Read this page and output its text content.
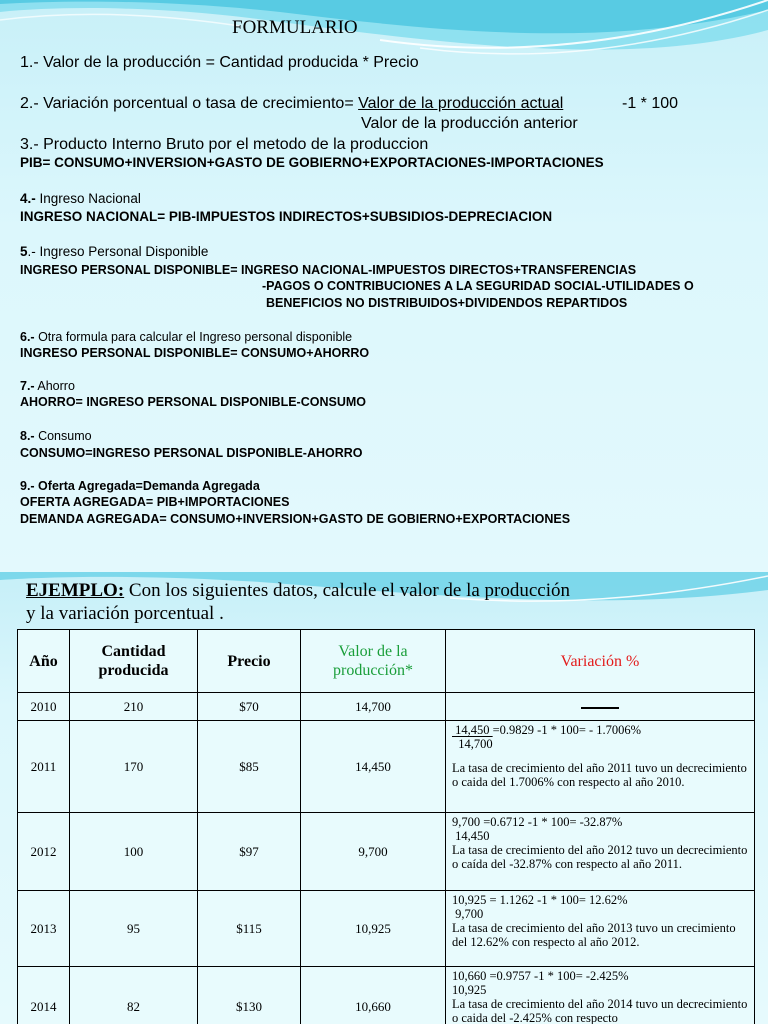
FORMULARIO
1.- Valor de la producción = Cantidad producida * Precio
2.- Variación porcentual o tasa de crecimiento= Valor de la producción actual	-1 * 100
Valor de la producción anterior
3.- Producto Interno Bruto por el metodo de la produccion
PIB= CONSUMO+INVERSION+GASTO DE GOBIERNO+EXPORTACIONES-IMPORTACIONES
4.- Ingreso Nacional
INGRESO NACIONAL= PIB-IMPUESTOS INDIRECTOS+SUBSIDIOS-DEPRECIACION
5.- Ingreso Personal Disponible
INGRESO PERSONAL DISPONIBLE= INGRESO NACIONAL-IMPUESTOS DIRECTOS+TRANSFERENCIAS
-PAGOS O CONTRIBUCIONES A LA SEGURIDAD SOCIAL-UTILIDADES O
BENEFICIOS NO DISTRIBUIDOS+DIVIDENDOS REPARTIDOS
6.- Otra formula para calcular el Ingreso personal disponible
INGRESO PERSONAL DISPONIBLE= CONSUMO+AHORRO
7.- Ahorro
AHORRO= INGRESO PERSONAL DISPONIBLE-CONSUMO
8.- Consumo
CONSUMO=INGRESO PERSONAL DISPONIBLE-AHORRO
9.- Oferta Agregada=Demanda Agregada
OFERTA AGREGADA= PIB+IMPORTACIONES
DEMANDA AGREGADA= CONSUMO+INVERSION+GASTO DE GOBIERNO+EXPORTACIONES
EJEMPLO: Con los siguientes datos, calcule el valor de la producción
y la variación porcentual .
Año	Cantidad producida	Precio	Valor de la producción*	Variación %
2010	210	$70	14,700	
2011	170	$85	14,450	14,450 =0.9829 -1 * 100= - 1.7006%
14,700
La tasa de crecimiento del año 2011 tuvo un decrecimiento o caida del 1.7006% con respecto al año 2010.

2012	100	$97	9,700	9,700 =0.6712 -1 * 100= -32.87%
14,450
La tasa de crecimiento del año 2012 tuvo un decrecimiento o caída del -32.87% con respecto al año 2011.

2013	95	$115	10,925	10,925 = 1.1262 -1 * 100= 12.62%
9,700
La tasa de crecimiento del año 2013 tuvo un crecimiento del 12.62% con respecto al año 2012.

2014	82	$130	10,660	10,660 =0.9757 -1 * 100= -2.425%
10,925
La tasa de crecimiento del año 2014 tuvo un decrecimiento o caida del -2.425% con respecto
